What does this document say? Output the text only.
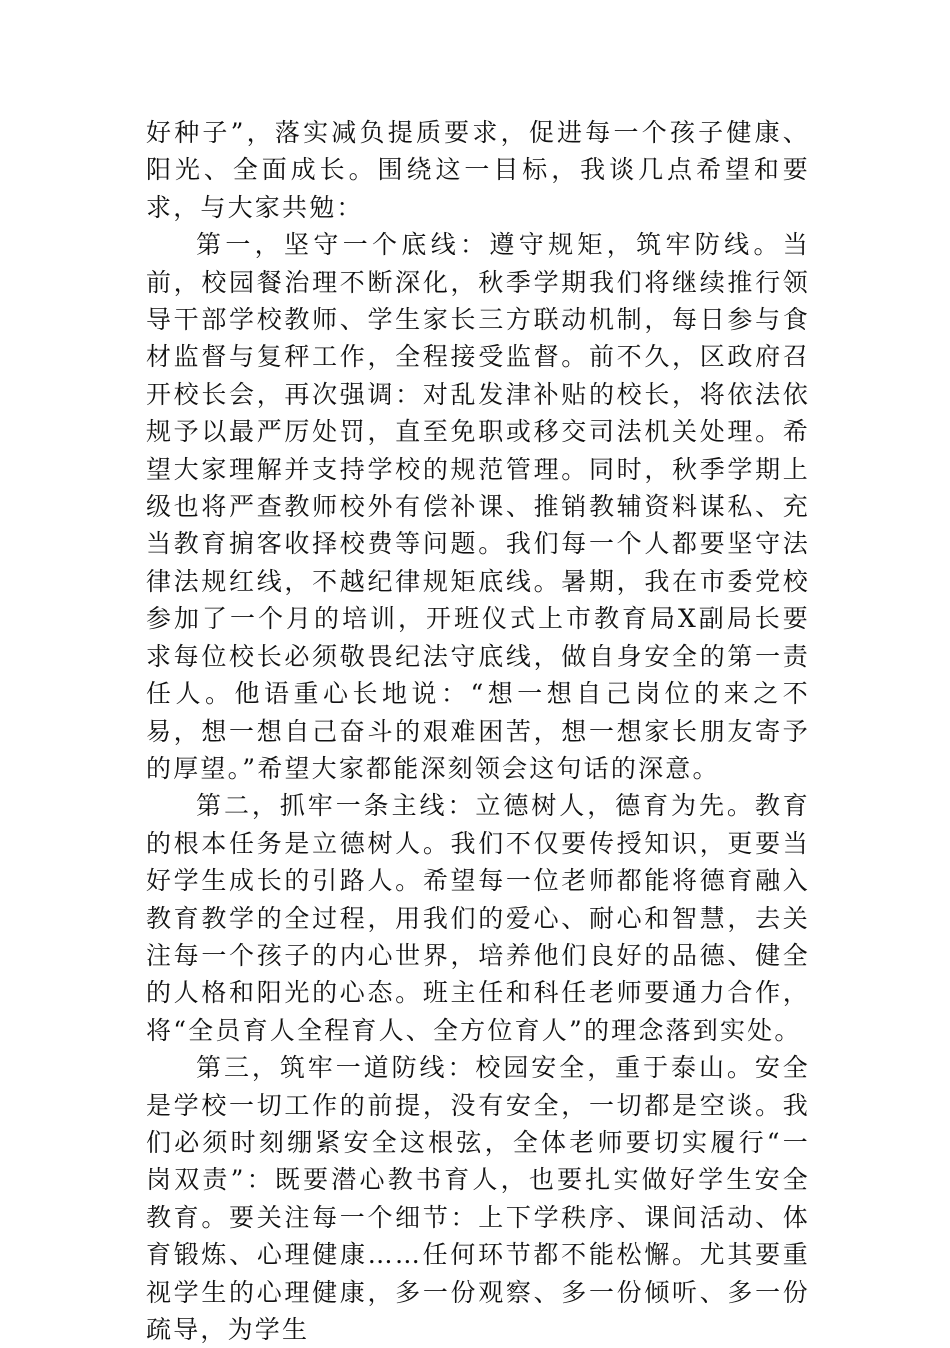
好种子”，落实减负提质要求，促进每一个孩子健康、阳光、全面成长。围绕这一目标，我谈几点希望和要求，与大家共勉：

第一，坚守一个底线：遵守规矩，筑牢防线。当前，校园餐治理不断深化，秋季学期我们将继续推行领导干部学校教师、学生家长三方联动机制，每日参与食材监督与复秤工作，全程接受监督。前不久，区政府召开校长会，再次强调：对乱发津补贴的校长，将依法依规予以最严厉处罚，直至免职或移交司法机关处理。希望大家理解并支持学校的规范管理。同时，秋季学期上级也将严查教师校外有偿补课、推销教辅资料谋私、充当教育掮客收择校费等问题。我们每一个人都要坚守法律法规红线，不越纪律规矩底线。暑期，我在市委党校参加了一个月的培训，开班仪式上市教育局X副局长要求每位校长必须敬畏纪法守底线，做自身安全的第一责任人。他语重心长地说：“想一想自己岗位的来之不易，想一想自己奋斗的艰难困苦，想一想家长朋友寄予的厚望。”希望大家都能深刻领会这句话的深意。

第二，抓牢一条主线：立德树人，德育为先。教育的根本任务是立德树人。我们不仅要传授知识，更要当好学生成长的引路人。希望每一位老师都能将德育融入教育教学的全过程，用我们的爱心、耐心和智慧，去关注每一个孩子的内心世界，培养他们良好的品德、健全的人格和阳光的心态。班主任和科任老师要通力合作，将“全员育人全程育人、全方位育人”的理念落到实处。

第三，筑牢一道防线：校园安全，重于泰山。安全是学校一切工作的前提，没有安全，一切都是空谈。我们必须时刻绷紧安全这根弦，全体老师要切实履行“一岗双责”：既要潜心教书育人，也要扎实做好学生安全教育。要关注每一个细节：上下学秩序、课间活动、体育锻炼、心理健康……任何环节都不能松懈。尤其要重视学生的心理健康，多一份观察、多一份倾听、多一份疏导，为学生
